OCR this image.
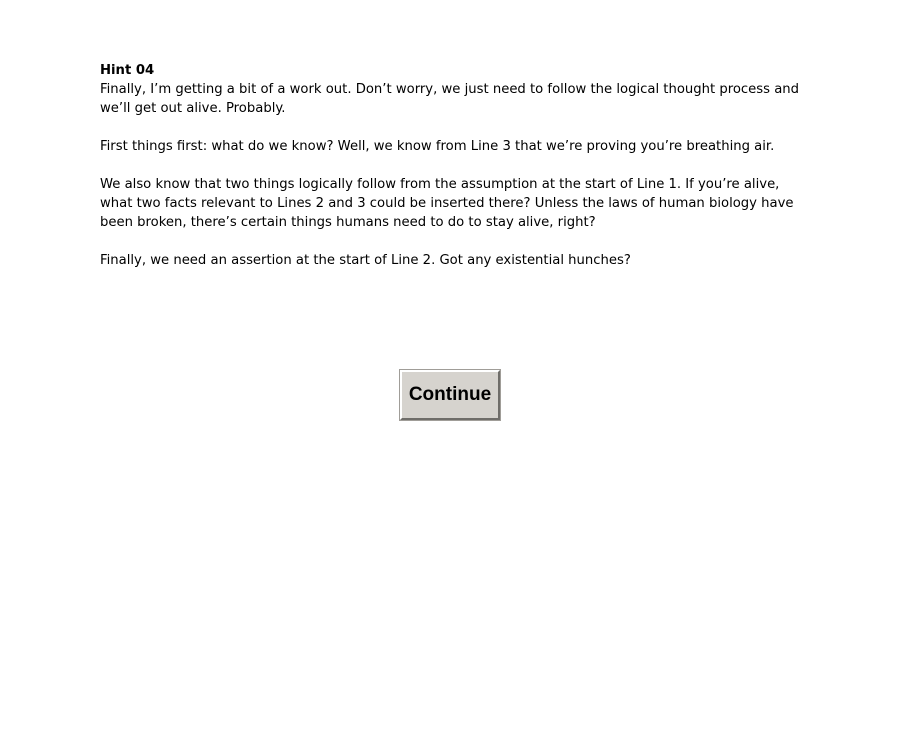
Hint 04

Finally, I’m getting a bit of a work out. Don’t worry, we just need to follow the logical thought process and we’ll get out alive. Probably.

First things first: what do we know? Well, we know from Line 3 that we’re proving you’re breathing air.

We also know that two things logically follow from the assumption at the start of Line 1. If you’re alive, what two facts relevant to Lines 2 and 3 could be inserted there? Unless the laws of human biology have been broken, there’s certain things humans need to do to stay alive, right?

Finally, we need an assertion at the start of Line 2. Got any existential hunches?

Continue
